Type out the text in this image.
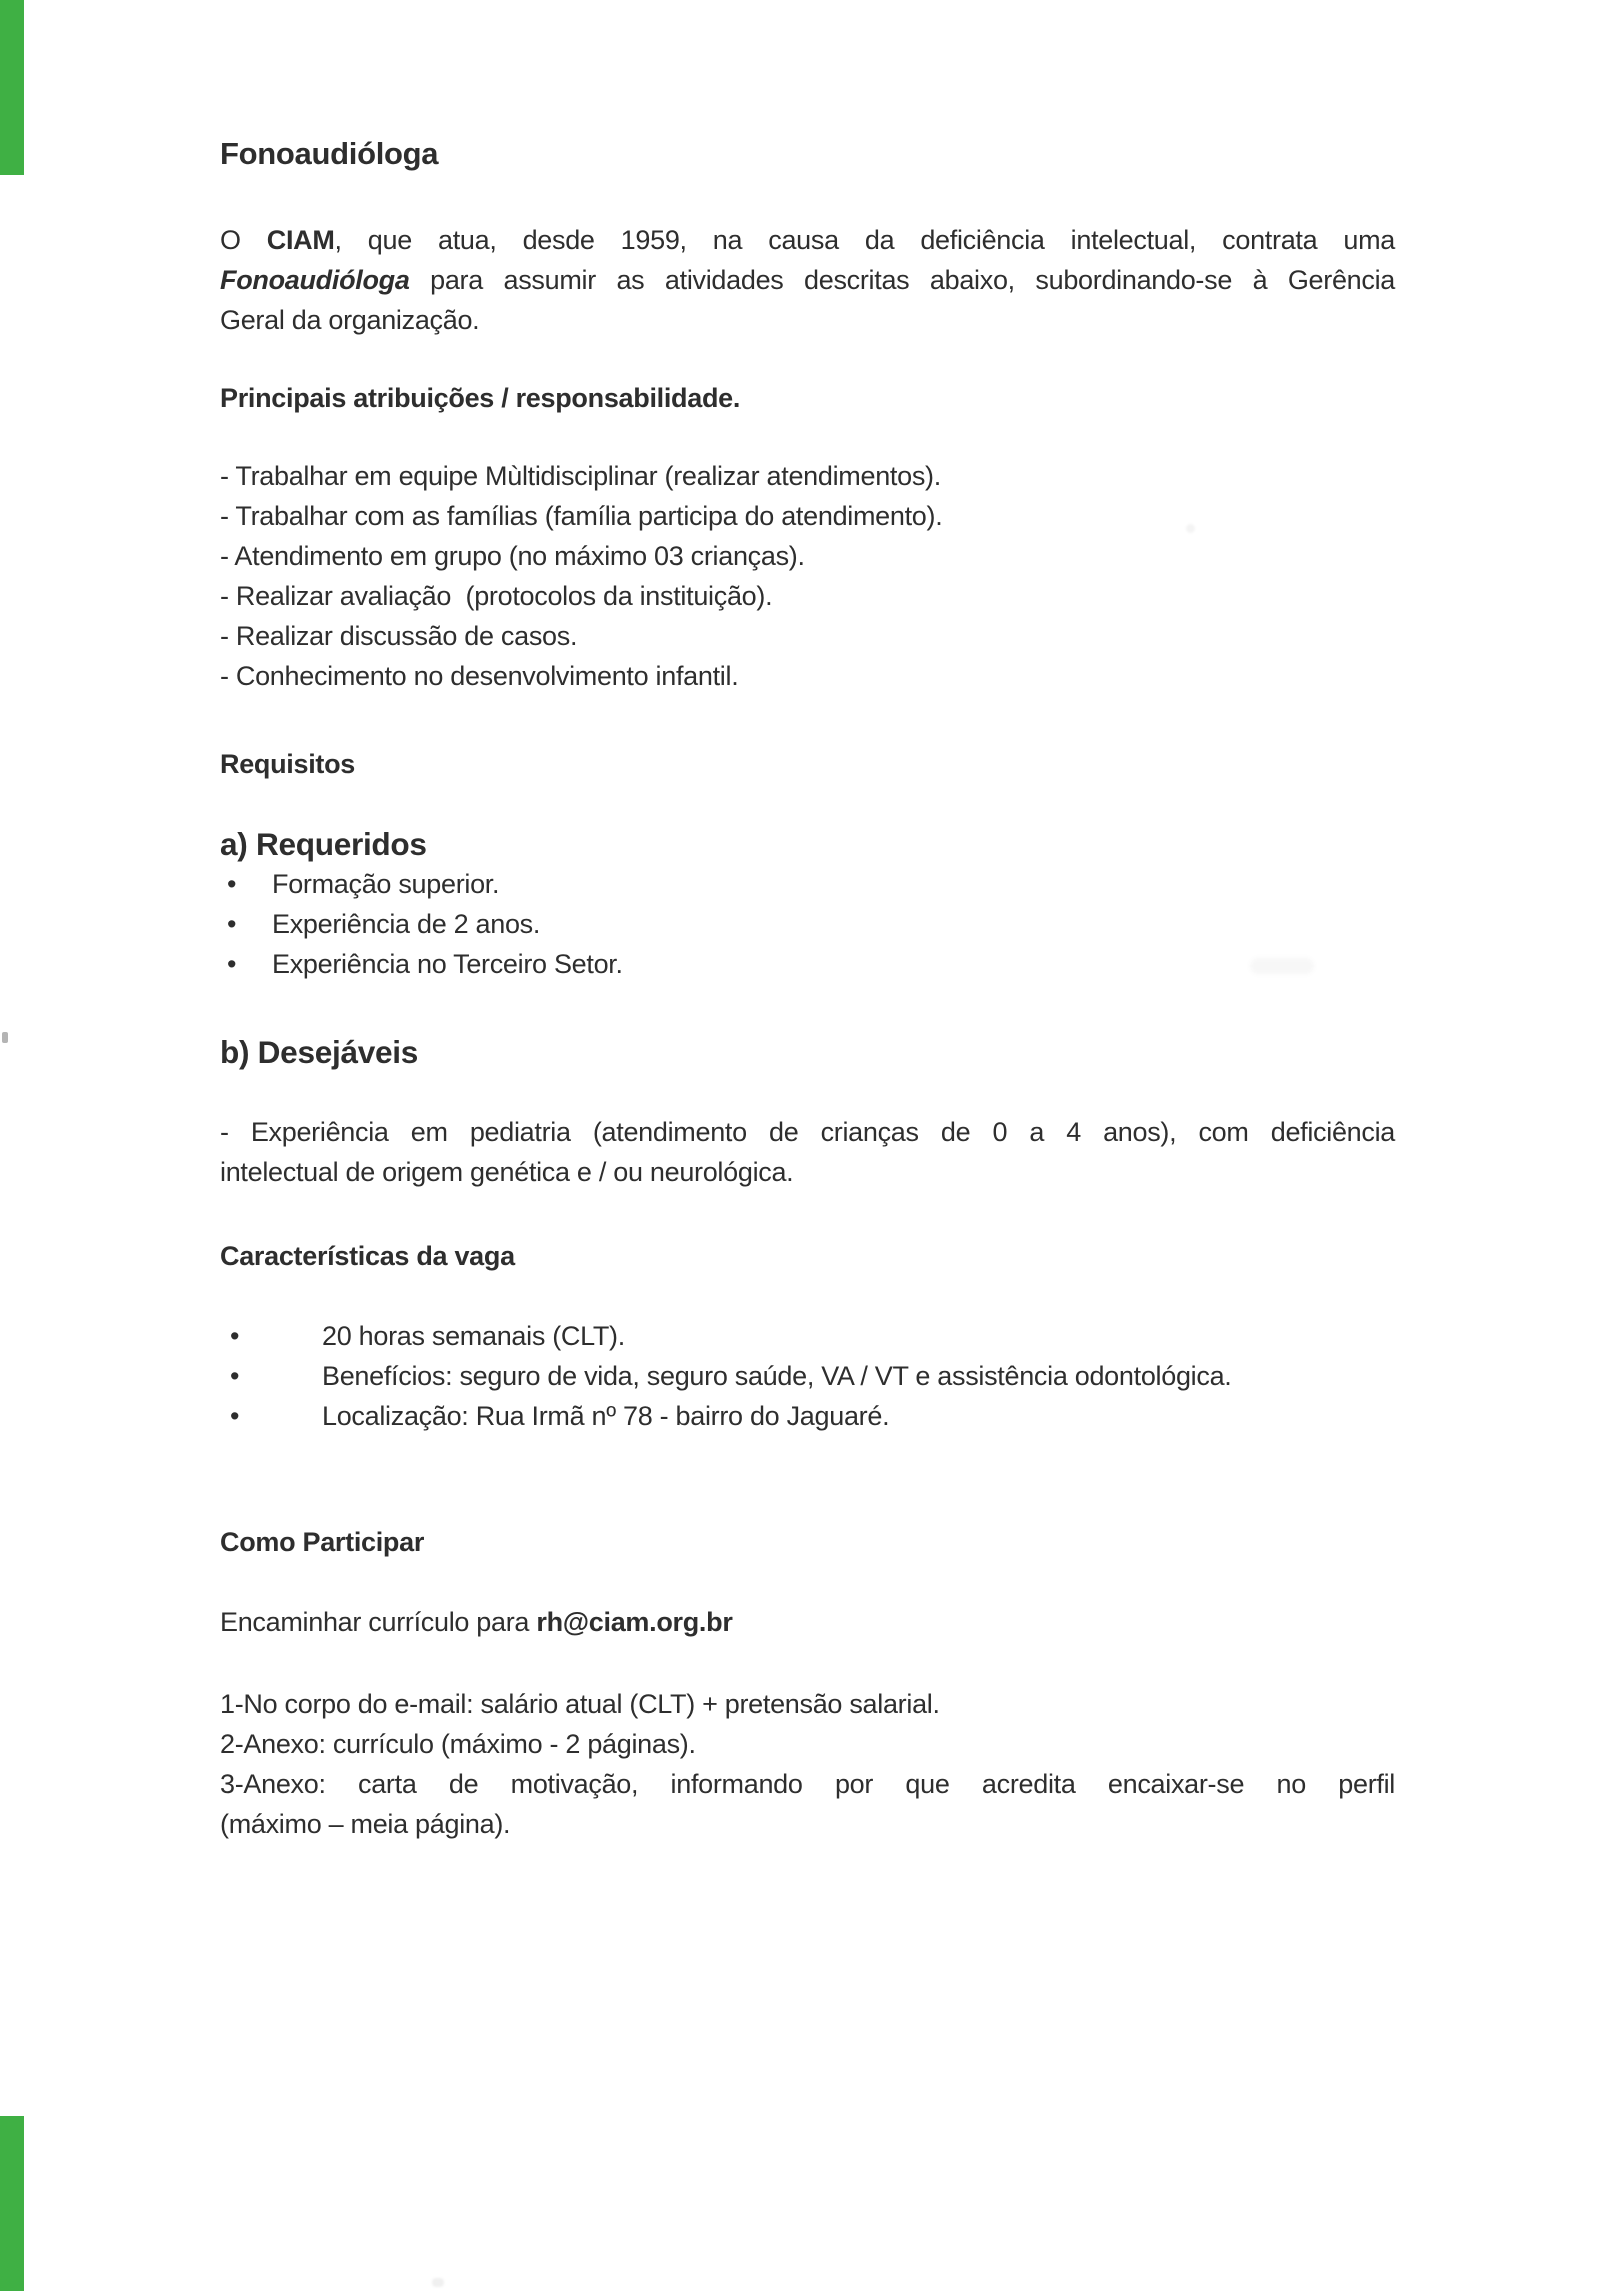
Fonoaudióloga
O CIAM, que atua, desde 1959, na causa da deficiência intelectual, contrata uma
Fonoaudióloga para assumir as atividades descritas abaixo, subordinando-se à Gerência
Geral da organização.
Principais atribuições / responsabilidade.
- Trabalhar em equipe Mùltidisciplinar (realizar atendimentos).
- Trabalhar com as famílias (família participa do atendimento).
- Atendimento em grupo (no máximo 03 crianças).
- Realizar avaliação  (protocolos da instituição).
- Realizar discussão de casos.
- Conhecimento no desenvolvimento infantil.
Requisitos
a) Requeridos
•	Formação superior.
•	Experiência de 2 anos.
•	Experiência no Terceiro Setor.
b) Desejáveis
- Experiência em pediatria (atendimento de crianças de 0 a 4 anos), com deficiência
intelectual de origem genética e / ou neurológica.
Características da vaga
•	20 horas semanais (CLT).
•	Benefícios: seguro de vida, seguro saúde, VA / VT e assistência odontológica.
•	Localização: Rua Irmã nº 78 - bairro do Jaguaré.
Como Participar

Encaminhar currículo para rh@ciam.org.br

1-No corpo do e-mail: salário atual (CLT) + pretensão salarial.
2-Anexo: currículo (máximo - 2 páginas).
3-Anexo: carta de motivação, informando por que acredita encaixar-se no perfil
(máximo – meia página).
